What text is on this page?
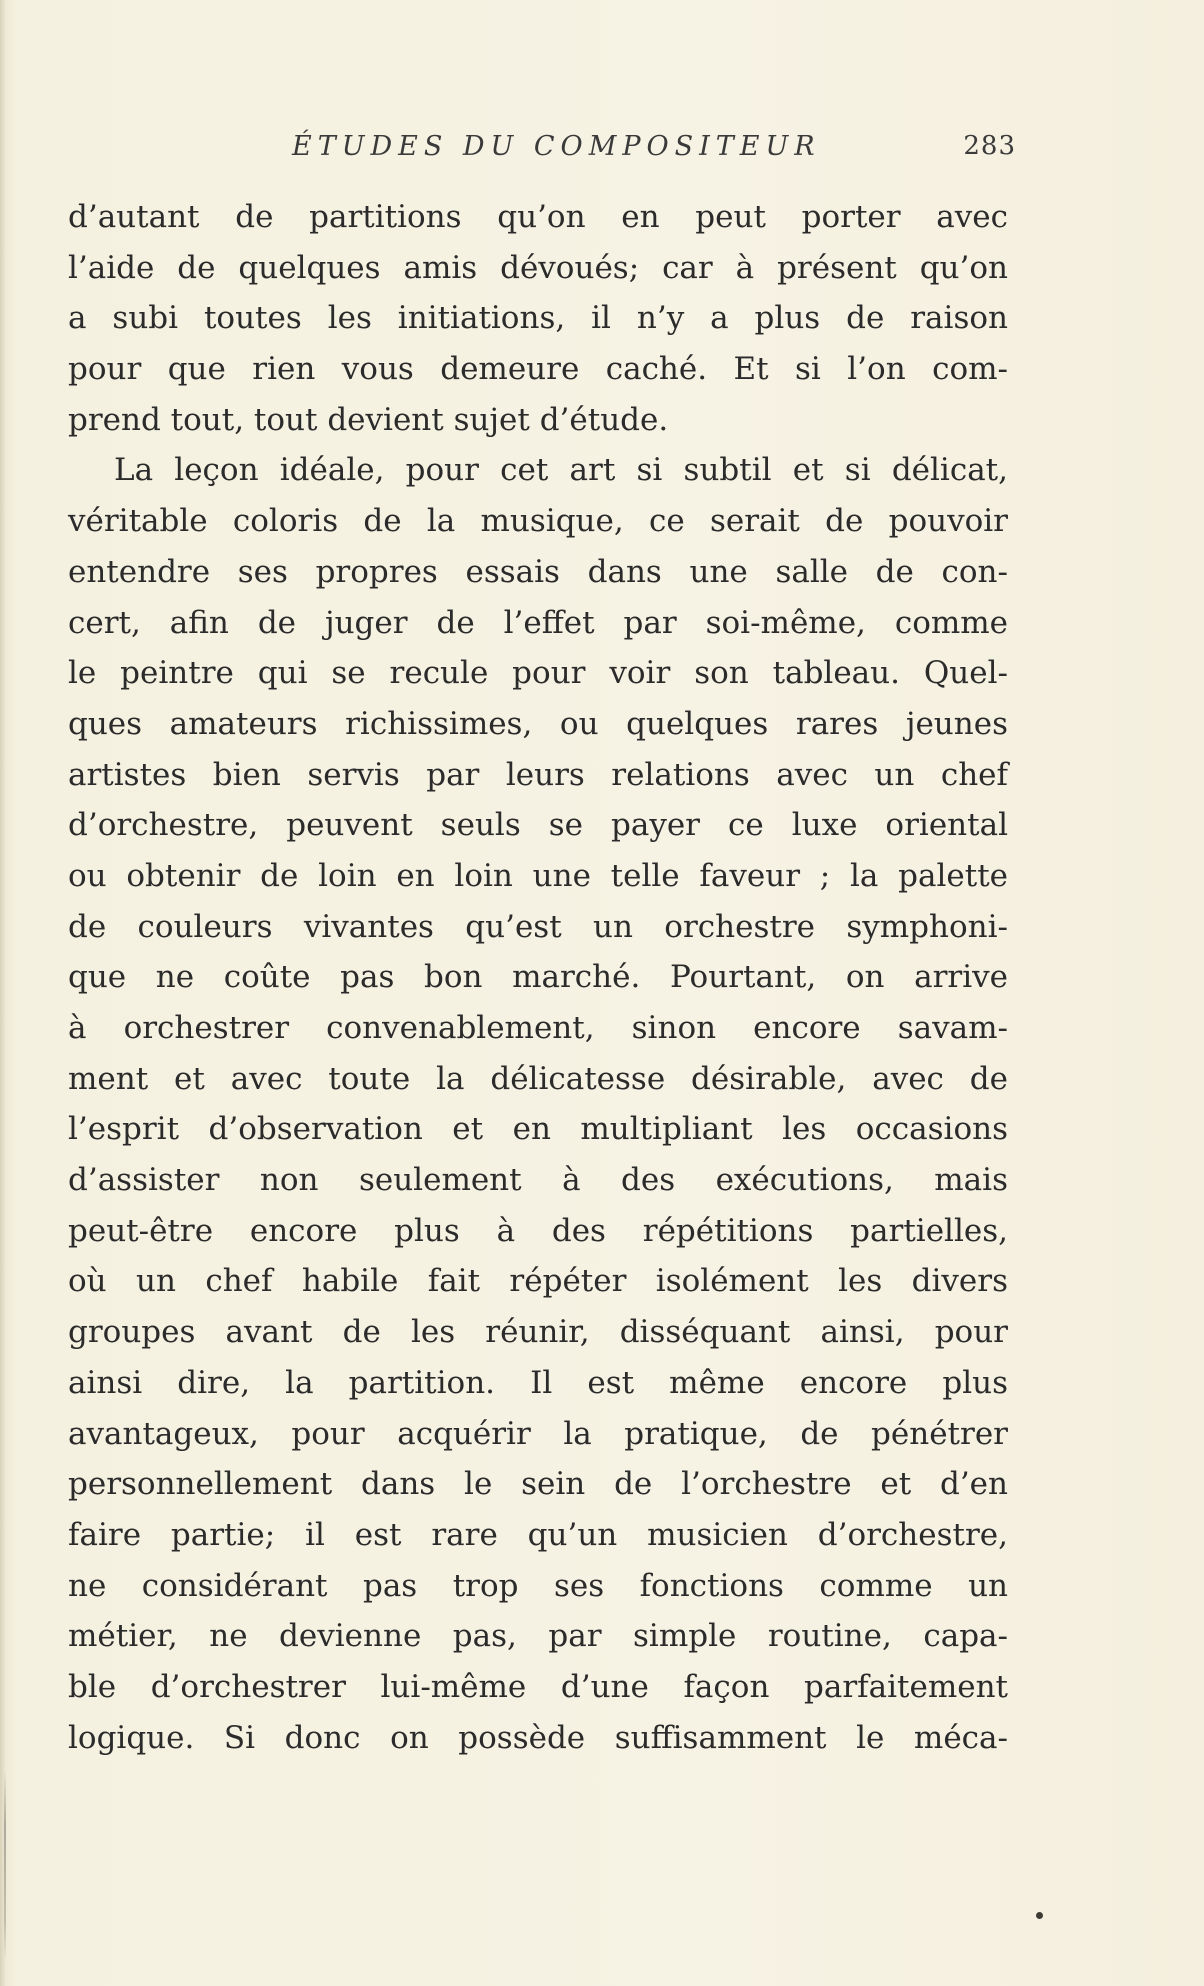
ÉTUDES DU COMPOSITEUR	283
d’autant de partitions qu’on en peut porter avec
l’aide de quelques amis dévoués; car à présent qu’on
a subi toutes les initiations, il n’y a plus de raison
pour que rien vous demeure caché. Et si l’on com-
prend tout, tout devient sujet d’étude.
La leçon idéale, pour cet art si subtil et si délicat,
véritable coloris de la musique, ce serait de pouvoir
entendre ses propres essais dans une salle de con-
cert, afin de juger de l’effet par soi-même, comme
le peintre qui se recule pour voir son tableau. Quel-
ques amateurs richissimes, ou quelques rares jeunes
artistes bien servis par leurs relations avec un chef
d’orchestre, peuvent seuls se payer ce luxe oriental
ou obtenir de loin en loin une telle faveur ; la palette
de couleurs vivantes qu’est un orchestre symphoni-
que ne coûte pas bon marché. Pourtant, on arrive
à orchestrer convenablement, sinon encore savam-
ment et avec toute la délicatesse désirable, avec de
l’esprit d’observation et en multipliant les occasions
d’assister non seulement à des exécutions, mais
peut-être encore plus à des répétitions partielles,
où un chef habile fait répéter isolément les divers
groupes avant de les réunir, disséquant ainsi, pour
ainsi dire, la partition. Il est même encore plus
avantageux, pour acquérir la pratique, de pénétrer
personnellement dans le sein de l’orchestre et d’en
faire partie; il est rare qu’un musicien d’orchestre,
ne considérant pas trop ses fonctions comme un
métier, ne devienne pas, par simple routine, capa-
ble d’orchestrer lui-même d’une façon parfaitement
logique. Si donc on possède suffisamment le méca-
